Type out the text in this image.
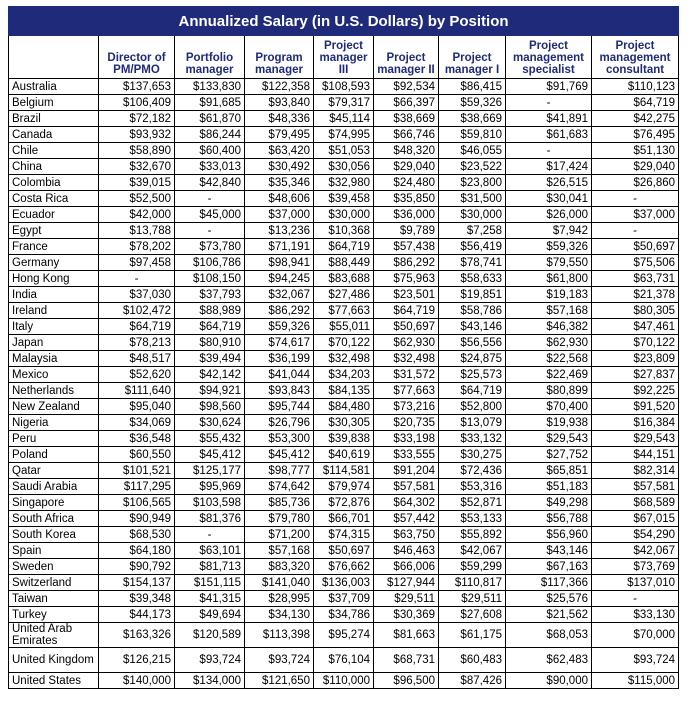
Annualized Salary (in U.S. Dollars) by Position								
	Director of PM/PMO	Portfolio manager	Program manager	Project manager III	Project manager II	Project manager I	Project management specialist	Project management consultant
Australia	$137,653	$133,830	$122,358	$108,593	$92,534	$86,415	$91,769	$110,123
Belgium	$106,409	$91,685	$93,840	$79,317	$66,397	$59,326	-	$64,719
Brazil	$72,182	$61,870	$48,336	$45,114	$38,669	$38,669	$41,891	$42,275
Canada	$93,932	$86,244	$79,495	$74,995	$66,746	$59,810	$61,683	$76,495
Chile	$58,890	$60,400	$63,420	$51,053	$48,320	$46,055	-	$51,130
China	$32,670	$33,013	$30,492	$30,056	$29,040	$23,522	$17,424	$29,040
Colombia	$39,015	$42,840	$35,346	$32,980	$24,480	$23,800	$26,515	$26,860
Costa Rica	$52,500	-	$48,606	$39,458	$35,850	$31,500	$30,041	-
Ecuador	$42,000	$45,000	$37,000	$30,000	$36,000	$30,000	$26,000	$37,000
Egypt	$13,788	-	$13,236	$10,368	$9,789	$7,258	$7,942	-
France	$78,202	$73,780	$71,191	$64,719	$57,438	$56,419	$59,326	$50,697
Germany	$97,458	$106,786	$98,941	$88,449	$86,292	$78,741	$79,550	$75,506
Hong Kong	-	$108,150	$94,245	$83,688	$75,963	$58,633	$61,800	$63,731
India	$37,030	$37,793	$32,067	$27,486	$23,501	$19,851	$19,183	$21,378
Ireland	$102,472	$88,989	$86,292	$77,663	$64,719	$58,786	$57,168	$80,305
Italy	$64,719	$64,719	$59,326	$55,011	$50,697	$43,146	$46,382	$47,461
Japan	$78,213	$80,910	$74,617	$70,122	$62,930	$56,556	$62,930	$70,122
Malaysia	$48,517	$39,494	$36,199	$32,498	$32,498	$24,875	$22,568	$23,809
Mexico	$52,620	$42,142	$41,044	$34,203	$31,572	$25,573	$22,469	$27,837
Netherlands	$111,640	$94,921	$93,843	$84,135	$77,663	$64,719	$80,899	$92,225
New Zealand	$95,040	$98,560	$95,744	$84,480	$73,216	$52,800	$70,400	$91,520
Nigeria	$34,069	$30,624	$26,796	$30,305	$20,735	$13,079	$19,938	$16,384
Peru	$36,548	$55,432	$53,300	$39,838	$33,198	$33,132	$29,543	$29,543
Poland	$60,550	$45,412	$45,412	$40,619	$33,555	$30,275	$27,752	$44,151
Qatar	$101,521	$125,177	$98,777	$114,581	$91,204	$72,436	$65,851	$82,314
Saudi Arabia	$117,295	$95,969	$74,642	$79,974	$57,581	$53,316	$51,183	$57,581
Singapore	$106,565	$103,598	$85,736	$72,876	$64,302	$52,871	$49,298	$68,589
South Africa	$90,949	$81,376	$79,780	$66,701	$57,442	$53,133	$56,788	$67,015
South Korea	$68,530	-	$71,200	$74,315	$63,750	$55,892	$56,960	$54,290
Spain	$64,180	$63,101	$57,168	$50,697	$46,463	$42,067	$43,146	$42,067
Sweden	$90,792	$81,713	$83,320	$76,662	$66,006	$59,299	$67,163	$73,769
Switzerland	$154,137	$151,115	$141,040	$136,003	$127,944	$110,817	$117,366	$137,010
Taiwan	$39,348	$41,315	$28,995	$37,709	$29,511	$29,511	$25,576	-
Turkey	$44,173	$49,694	$34,130	$34,786	$30,369	$27,608	$21,562	$33,130
United Arab Emirates	$163,326	$120,589	$113,398	$95,274	$81,663	$61,175	$68,053	$70,000
United Kingdom	$126,215	$93,724	$93,724	$76,104	$68,731	$60,483	$62,483	$93,724
United States	$140,000	$134,000	$121,650	$110,000	$96,500	$87,426	$90,000	$115,000
